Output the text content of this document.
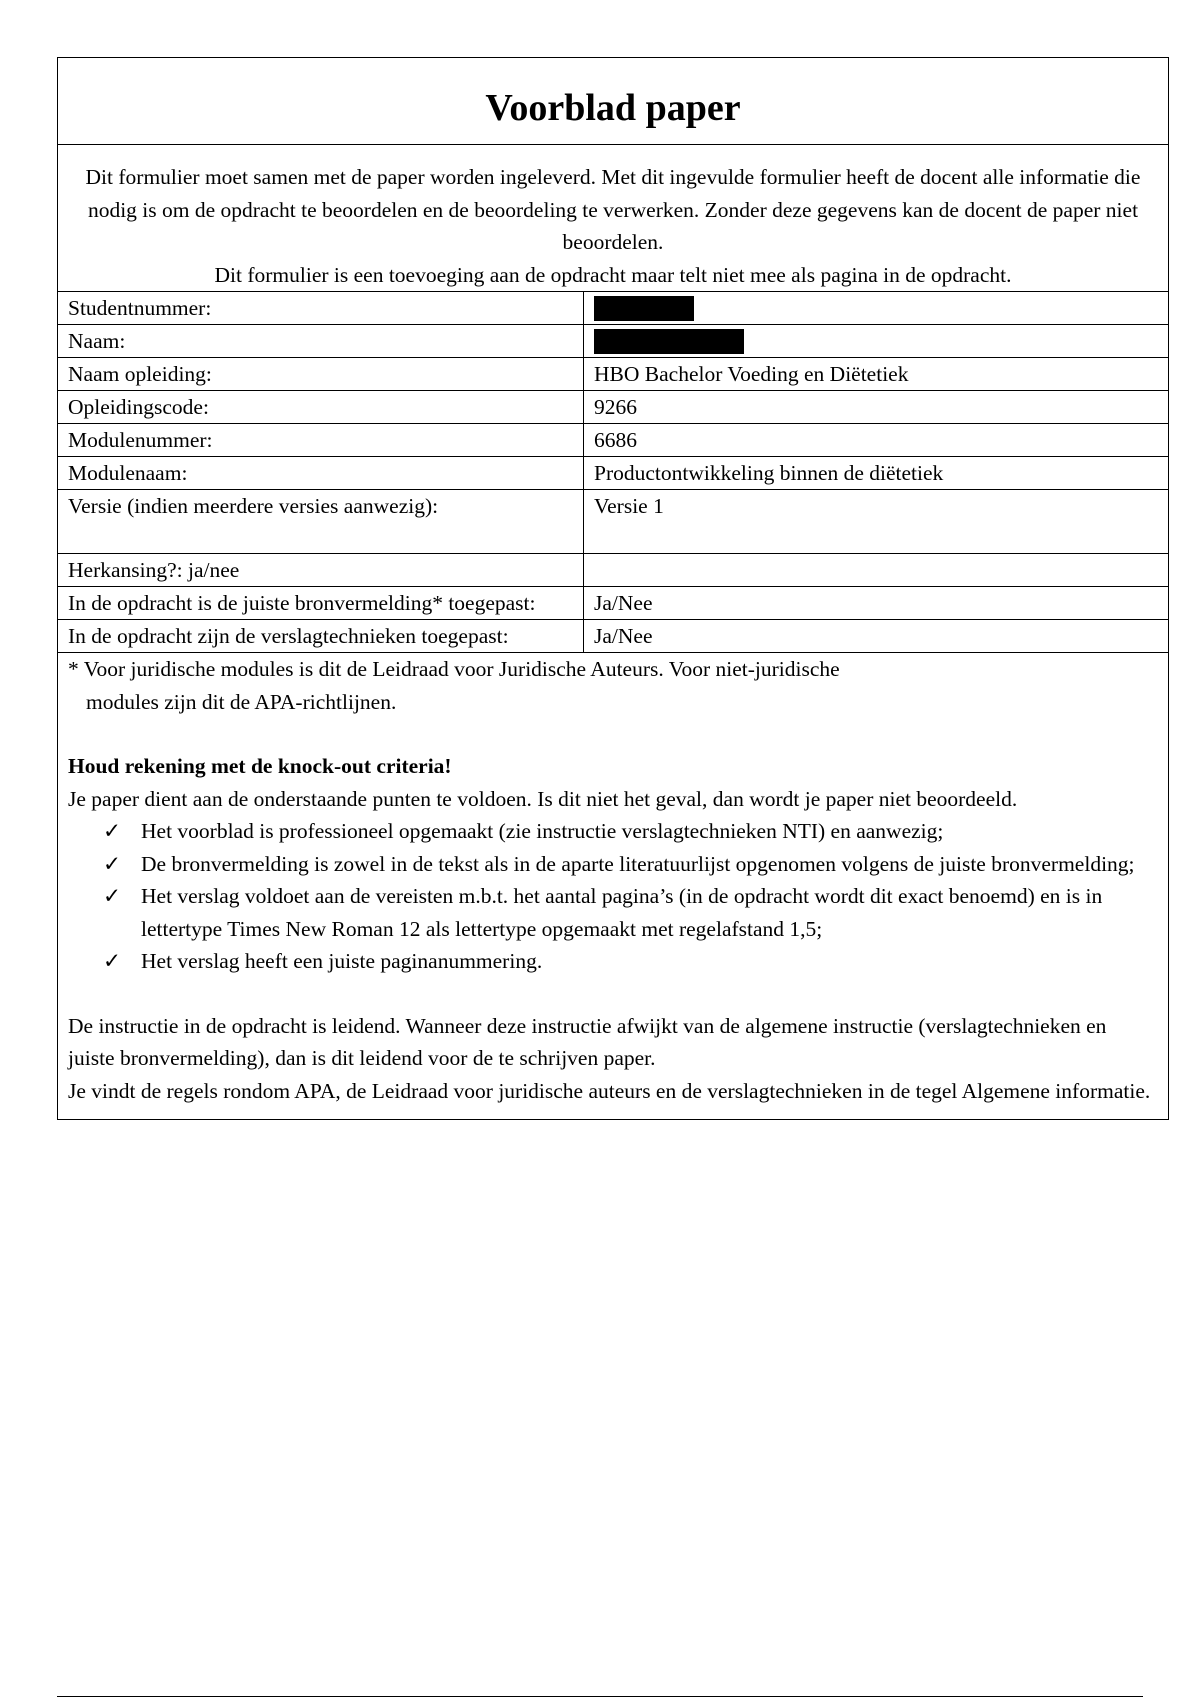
Voorblad paper

Dit formulier moet samen met de paper worden ingeleverd. Met dit ingevulde formulier heeft de docent alle informatie die nodig is om de opdracht te beoordelen en de beoordeling te verwerken. Zonder deze gegevens kan de docent de paper niet beoordelen.

Dit formulier is een toevoeging aan de opdracht maar telt niet mee als pagina in de opdracht.

Studentnummer:	
Naam:	
Naam opleiding:	HBO Bachelor Voeding en Diëtetiek
Opleidingscode:	9266
Modulenummer:	6686
Modulenaam:	Productontwikkeling binnen de diëtetiek
Versie (indien meerdere versies aanwezig):	Versie 1
Herkansing?: ja/nee	
In de opdracht is de juiste bronvermelding* toegepast:	Ja/Nee
In de opdracht zijn de verslagtechnieken toegepast:	Ja/Nee

* Voor juridische modules is dit de Leidraad voor Juridische Auteurs. Voor niet-juridische

modules zijn dit de APA-richtlijnen.

Houd rekening met de knock-out criteria!

Je paper dient aan de onderstaande punten te voldoen. Is dit niet het geval, dan wordt je paper niet beoordeeld.

✓ Het voorblad is professioneel opgemaakt (zie instructie verslagtechnieken NTI) en aanwezig;
✓ De bronvermelding is zowel in de tekst als in de aparte literatuurlijst opgenomen volgens de juiste bronvermelding;
✓ Het verslag voldoet aan de vereisten m.b.t. het aantal pagina’s (in de opdracht wordt dit exact benoemd) en is in lettertype Times New Roman 12 als lettertype opgemaakt met regelafstand 1,5;
✓ Het verslag heeft een juiste paginanummering.

De instructie in de opdracht is leidend. Wanneer deze instructie afwijkt van de algemene instructie (verslagtechnieken en juiste bronvermelding), dan is dit leidend voor de te schrijven paper.

Je vindt de regels rondom APA, de Leidraad voor juridische auteurs en de verslagtechnieken in de tegel Algemene informatie.
